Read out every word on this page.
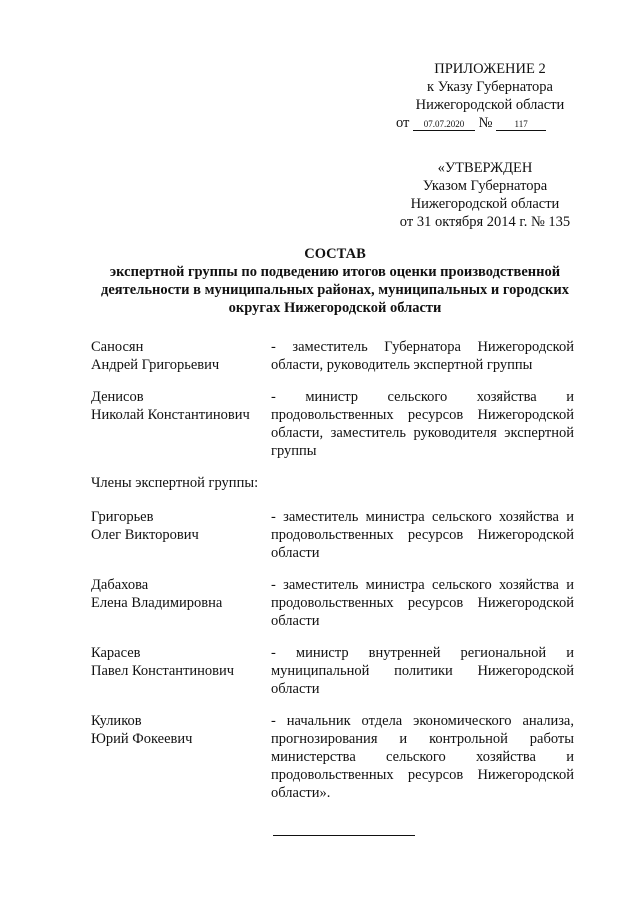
ПРИЛОЖЕНИЕ 2
к Указу Губернатора
Нижегородской области
от 07.07.2020 № 117
«УТВЕРЖДЕН
Указом Губернатора
Нижегородской области
от 31 октября 2014 г. № 135
СОСТАВ
экспертной группы по подведению итогов оценки производственной
деятельности в муниципальных районах, муниципальных и городских
округах Нижегородской области
Саносян
Андрей Григорьевич
- заместитель Губернатора Нижегородской области, руководитель экспертной группы
Денисов
Николай Константинович
- министр сельского хозяйства и продовольственных ресурсов Нижегородской области, заместитель руководителя экспертной группы
Члены экспертной группы:
Григорьев
Олег Викторович
- заместитель министра сельского хозяйства и продовольственных ресурсов Нижегородской области
Дабахова
Елена Владимировна
- заместитель министра сельского хозяйства и продовольственных ресурсов Нижегородской области
Карасев
Павел Константинович
- министр внутренней региональной и муниципальной политики Нижегородской области
Куликов
Юрий Фокеевич
- начальник отдела экономического анализа, прогнозирования и контрольной работы министерства сельского хозяйства и продовольственных ресурсов Нижегородской области».
